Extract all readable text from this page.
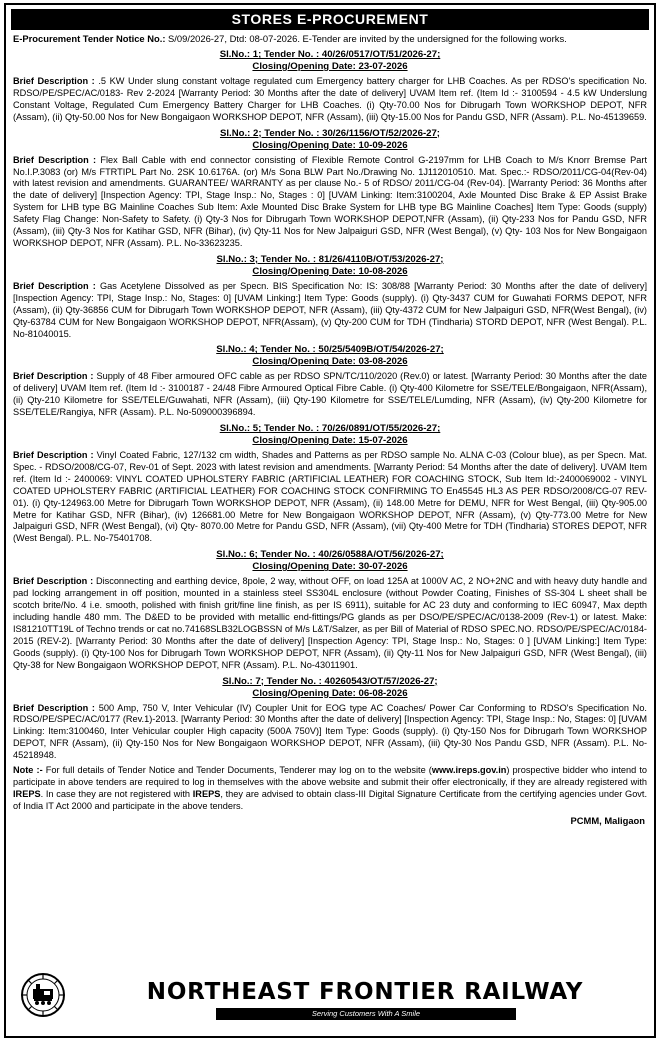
STORES E-PROCUREMENT
E-Procurement Tender Notice No.: S/09/2026-27, Dtd: 08-07-2026. E-Tender are invited by the undersigned for the following works.
Sl.No.: 1; Tender No. : 40/26/0517/OT/51/2026-27;
Closing/Opening Date: 23-07-2026
Brief Description : .5 KW Under slung constant voltage regulated cum Emergency battery charger for LHB Coaches. As per RDSO's specification No. RDSO/PE/SPEC/AC/0183- Rev 2-2024 [Warranty Period: 30 Months after the date of delivery] UVAM Item ref. (Item Id :- 3100594 - 4.5 kW Underslung Constant Voltage, Regulated Cum Emergency Battery Charger for LHB Coaches. (i) Qty-70.00 Nos for Dibrugarh Town WORKSHOP DEPOT, NFR (Assam), (ii) Qty-50.00 Nos for New Bongaigaon WORKSHOP DEPOT, NFR (Assam), (iii) Qty-15.00 Nos for Pandu GSD, NFR (Assam). P.L. No-45139659.
Sl.No.: 2; Tender No. : 30/26/1156/OT/52/2026-27;
Closing/Opening Date: 10-09-2026
Brief Description : Flex Ball Cable with end connector consisting of Flexible Remote Control G-2197mm for LHB Coach to M/s Knorr Bremse Part No.I.P.3083 (or) M/s FTRTIPL Part No. 2SK 10.6176A. (or) M/s Sona BLW Part No./Drawing No. 1J112010510. Mat. Spec.:- RDSO/2011/CG-04(Rev-04) with latest revision and amendments. GUARANTEE/ WARRANTY as per clause No.- 5 of RDSO/ 2011/CG-04 (Rev-04). [Warranty Period: 36 Months after the date of delivery] [Inspection Agency: TPI, Stage Insp.: No, Stages : 0] [UVAM Linking: Item:3100204, Axle Mounted Disc Brake & EP Assist Brake System for LHB type BG Mainline Coaches Sub Item: Axle Mounted Disc Brake System for LHB type BG Mainline Coaches] Item Type: Goods (supply) Safety Flag Change: Non-Safety to Safety. (i) Qty-3 Nos for Dibrugarh Town WORKSHOP DEPOT,NFR (Assam), (ii) Qty-233 Nos for Pandu GSD, NFR (Assam), (iii) Qty-3 Nos for Katihar GSD, NFR (Bihar), (iv) Qty-11 Nos for New Jalpaiguri GSD, NFR (West Bengal), (v) Qty- 103 Nos for New Bongaigaon WORKSHOP DEPOT, NFR (Assam). P.L. No-33623235.
Sl.No.: 3; Tender No. : 81/26/4110B/OT/53/2026-27;
Closing/Opening Date: 10-08-2026
Brief Description : Gas Acetylene Dissolved as per Specn. BIS Specification No: IS: 308/88 [Warranty Period: 30 Months after the date of delivery] [Inspection Agency: TPI, Stage Insp.: No, Stages: 0] [UVAM Linking:] Item Type: Goods (supply). (i) Qty-3437 CUM for Guwahati FORMS DEPOT, NFR (Assam), (ii) Qty-36856 CUM for Dibrugarh Town WORKSHOP DEPOT, NFR (Assam), (iii) Qty-4372 CUM for New Jalpaiguri GSD, NFR(West Bengal), (iv) Qty-63784 CUM for New Bongaigaon WORKSHOP DEPOT, NFR(Assam), (v) Qty-200 CUM for TDH (Tindharia) STORD DEPOT, NFR (West Bengal). P.L. No-81040015.
Sl.No.: 4; Tender No. : 50/25/5409B/OT/54/2026-27;
Closing/Opening Date: 03-08-2026
Brief Description : Supply of 48 Fiber armoured OFC cable as per RDSO SPN/TC/110/2020 (Rev.0) or latest. [Warranty Period: 30 Months after the date of delivery] UVAM Item ref. (Item Id :- 3100187 - 24/48 Fibre Armoured Optical Fibre Cable. (i) Qty-400 Kilometre for SSE/TELE/Bongaigaon, NFR(Assam), (ii) Qty-210 Kilometre for SSE/TELE/Guwahati, NFR (Assam), (iii) Qty-190 Kilometre for SSE/TELE/Lumding, NFR (Assam), (iv) Qty-200 Kilometre for SSE/TELE/Rangiya, NFR (Assam). P.L. No-509000396894.
Sl.No.: 5; Tender No. : 70/26/0891/OT/55/2026-27;
Closing/Opening Date: 15-07-2026
Brief Description : Vinyl Coated Fabric, 127/132 cm width, Shades and Patterns as per RDSO sample No. ALNA C-03 (Colour blue), as per Specn. Mat. Spec. - RDSO/2008/CG-07, Rev-01 of Sept. 2023 with latest revision and amendments. [Warranty Period: 54 Months after the date of delivery]. UVAM Item ref. (Item Id :- 2400069: VINYL COATED UPHOLSTERY FABRIC (ARTIFICIAL LEATHER) FOR COACHING STOCK, Sub Item Id:-2400069002 - VINYL COATED UPHOLSTERY FABRIC (ARTIFICIAL LEATHER) FOR COACHING STOCK CONFIRMING TO En45545 HL3 AS PER RDSO/2008/CG-07 REV-01). (i) Qty-124963.00 Metre for Dibrugarh Town WORKSHOP DEPOT, NFR (Assam), (ii) 148.00 Metre for DEMU, NFR for West Bengal, (iii) Qty-905.00 Metre for Katihar GSD, NFR (Bihar), (iv) 126681.00 Metre for New Bongaigaon WORKSHOP DEPOT, NFR (Assam), (v) Qty-773.00 Metre for New Jalpaiguri GSD, NFR (West Bengal), (vi) Qty- 8070.00 Metre for Pandu GSD, NFR (Assam), (vii) Qty-400 Metre for TDH (Tindharia) STORES DEPOT, NFR (West Bengal). P.L. No-75401708.
Sl.No.: 6; Tender No. : 40/26/0588A/OT/56/2026-27;
Closing/Opening Date: 30-07-2026
Brief Description : Disconnecting and earthing device, 8pole, 2 way, without OFF, on load 125A at 1000V AC, 2 NO+2NC and with heavy duty handle and pad locking arrangement in off position, mounted in a stainless steel SS304L enclosure (without Powder Coating, Finishes of SS-304 L sheet shall be scotch brite/No. 4 i.e. smooth, polished with finish grit/fine line finish, as per IS 6911), suitable for AC 23 duty and conforming to IEC 60947, Max depth including handle 480 mm. The D&ED to be provided with metallic end-fittings/PG glands as per DSO/PE/SPEC/AC/0138-2009 (Rev-1) or latest. Make: IS81210TT19L of Techno trends or cat no.74168SLB32LOGBSSN of M/s L&T/Salzer, as per Bill of Material of RDSO SPEC.NO. RDSO/PE/SPEC/AC/0184-2015 (REV-2). [Warranty Period: 30 Months after the date of delivery] [Inspection Agency: TPI, Stage Insp.: No, Stages: 0 ] [UVAM Linking:] Item Type: Goods (supply). (i) Qty-100 Nos for Dibrugarh Town WORKSHOP DEPOT, NFR (Assam), (ii) Qty-11 Nos for New Jalpaiguri GSD, NFR (West Bengal), (iii) Qty-38 for New Bongaigaon WORKSHOP DEPOT, NFR (Assam). P.L. No-43011901.
Sl.No.: 7; Tender No. : 40260543/OT/57/2026-27;
Closing/Opening Date: 06-08-2026
Brief Description : 500 Amp, 750 V, Inter Vehicular (IV) Coupler Unit for EOG type AC Coaches/ Power Car Conforming to RDSO's Specification No. RDSO/PE/SPEC/AC/0177 (Rev.1)-2013. [Warranty Period: 30 Months after the date of delivery] [Inspection Agency: TPI, Stage Insp.: No, Stages: 0] [UVAM Linking: Item:3100460, Inter Vehicular coupler High capacity (500A 750V)] Item Type: Goods (supply). (i) Qty-150 Nos for Dibrugarh Town WORKSHOP DEPOT, NFR (Assam), (ii) Qty-150 Nos for New Bongaigaon WORKSHOP DEPOT, NFR (Assam), (iii) Qty-30 Nos Pandu GSD, NFR (Assam). P.L. No-45218948.
Note :- For full details of Tender Notice and Tender Documents, Tenderer may log on to the website (www.ireps.gov.in) prospective bidder who intend to participate in above tenders are required to log in themselves with the above website and submit their offer electronically, if they are already registered with IREPS. In case they are not registered with IREPS, they are advised to obtain class-III Digital Signature Certificate from the certifying agencies under Govt. of India IT Act 2000 and participate in the above tenders.
PCMM, Maligaon
NORTHEAST FRONTIER RAILWAY
Serving Customers With A Smile
